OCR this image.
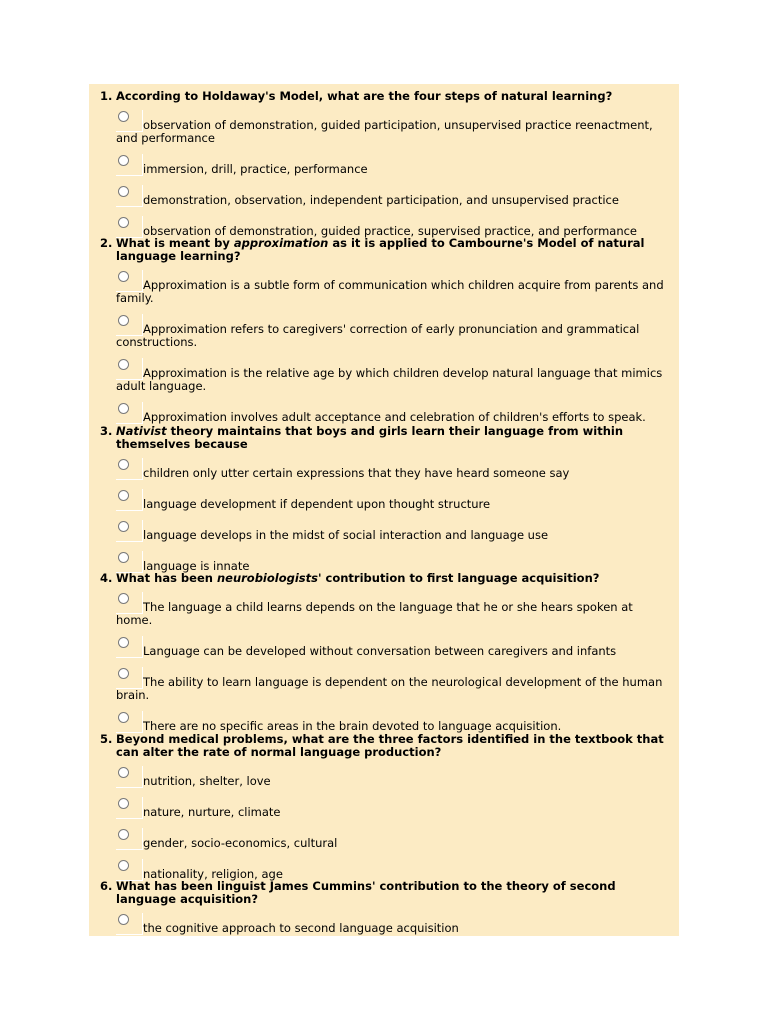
1. According to Holdaway's Model, what are the four steps of natural learning?
observation of demonstration, guided participation, unsupervised practice reenactment, and performance
immersion, drill, practice, performance
demonstration, observation, independent participation, and unsupervised practice
observation of demonstration, guided practice, supervised practice, and performance
2. What is meant by approximation as it is applied to Cambourne's Model of natural language learning?
Approximation is a subtle form of communication which children acquire from parents and family.
Approximation refers to caregivers' correction of early pronunciation and grammatical constructions.
Approximation is the relative age by which children develop natural language that mimics adult language.
Approximation involves adult acceptance and celebration of children's efforts to speak.
3. Nativist theory maintains that boys and girls learn their language from within themselves because
children only utter certain expressions that they have heard someone say
language development if dependent upon thought structure
language develops in the midst of social interaction and language use
language is innate
4. What has been neurobiologists' contribution to first language acquisition?
The language a child learns depends on the language that he or she hears spoken at home.
Language can be developed without conversation between caregivers and infants
The ability to learn language is dependent on the neurological development of the human brain.
There are no specific areas in the brain devoted to language acquisition.
5. Beyond medical problems, what are the three factors identified in the textbook that can alter the rate of normal language production?
nutrition, shelter, love
nature, nurture, climate
gender, socio-economics, cultural
nationality, religion, age
6. What has been linguist James Cummins' contribution to the theory of second language acquisition?
the cognitive approach to second language acquisition
